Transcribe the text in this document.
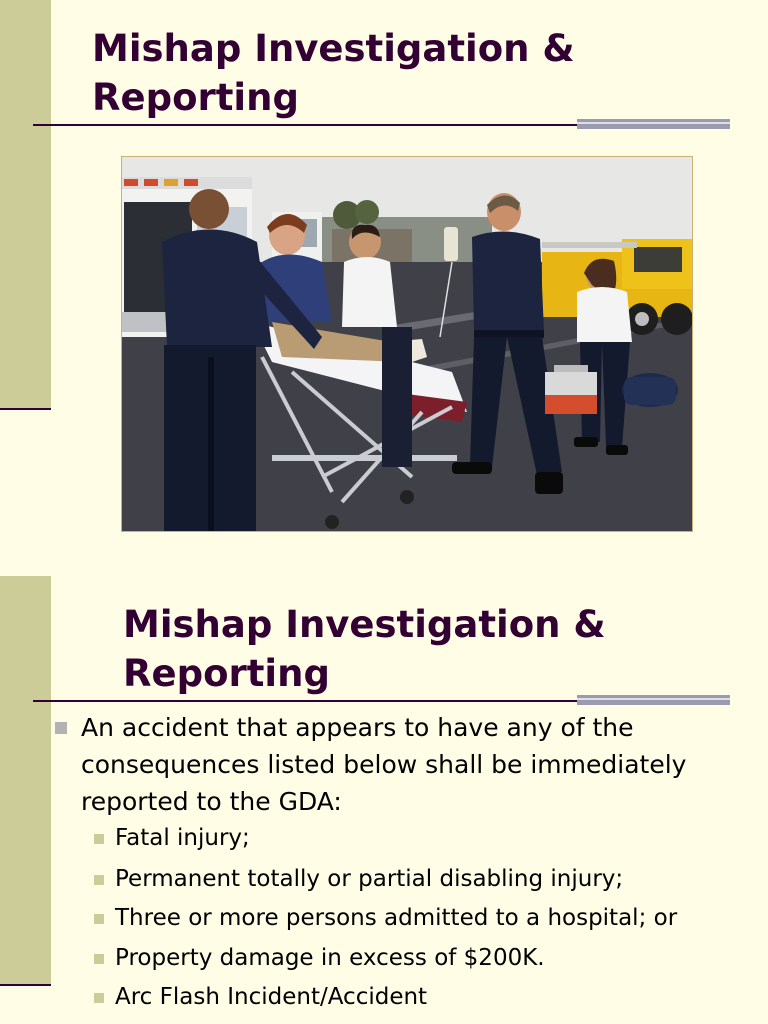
Mishap Investigation &
Reporting
Mishap Investigation &
Reporting
An accident that appears to have any of the consequences listed below shall be immediately reported to the GDA:
Fatal injury;
Permanent totally or partial disabling injury;
Three or more persons admitted to a hospital; or
Property damage in excess of $200K.
Arc Flash Incident/Accident
